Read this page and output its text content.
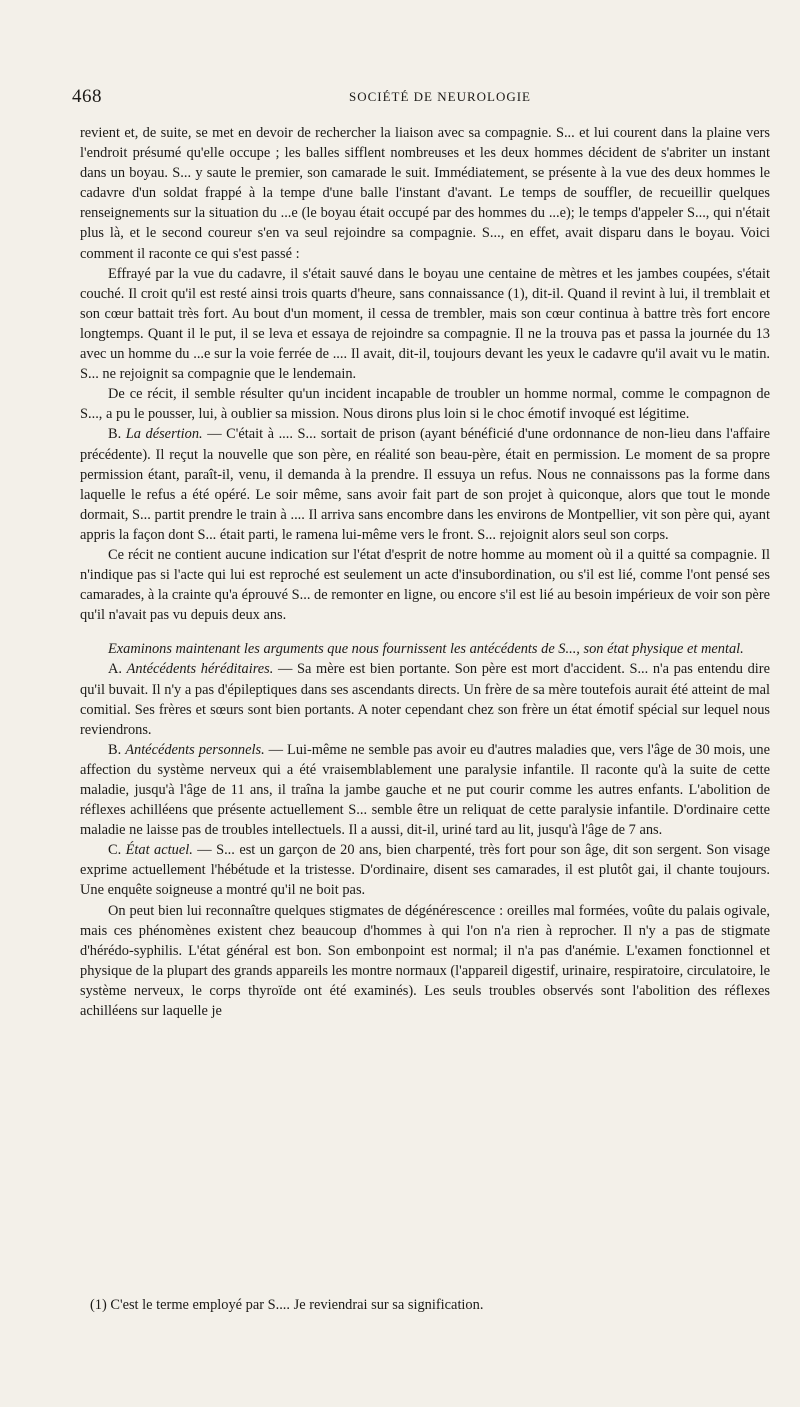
468	SOCIÉTÉ DE NEUROLOGIE

revient et, de suite, se met en devoir de rechercher la liaison avec sa compagnie. S... et lui courent dans la plaine vers l'endroit présumé qu'elle occupe ; les balles sifflent nombreuses et les deux hommes décident de s'abriter un instant dans un boyau. S... y saute le premier, son camarade le suit. Immédiatement, se présente à la vue des deux hommes le cadavre d'un soldat frappé à la tempe d'une balle l'instant d'avant. Le temps de souffler, de recueillir quelques renseignements sur la situation du ...e (le boyau était occupé par des hommes du ...e); le temps d'appeler S..., qui n'était plus là, et le second coureur s'en va seul rejoindre sa compagnie. S..., en effet, avait disparu dans le boyau. Voici comment il raconte ce qui s'est passé :

Effrayé par la vue du cadavre, il s'était sauvé dans le boyau une centaine de mètres et les jambes coupées, s'était couché. Il croit qu'il est resté ainsi trois quarts d'heure, sans connaissance (1), dit-il. Quand il revint à lui, il tremblait et son cœur battait très fort. Au bout d'un moment, il cessa de trembler, mais son cœur continua à battre très fort encore longtemps. Quant il le put, il se leva et essaya de rejoindre sa compagnie. Il ne la trouva pas et passa la journée du 13 avec un homme du ...e sur la voie ferrée de .... Il avait, dit-il, toujours devant les yeux le cadavre qu'il avait vu le matin. S... ne rejoignit sa compagnie que le lendemain.

De ce récit, il semble résulter qu'un incident incapable de troubler un homme normal, comme le compagnon de S..., a pu le pousser, lui, à oublier sa mission. Nous dirons plus loin si le choc émotif invoqué est légitime.

B. La désertion. — C'était à .... S... sortait de prison (ayant bénéficié d'une ordonnance de non-lieu dans l'affaire précédente). Il reçut la nouvelle que son père, en réalité son beau-père, était en permission. Le moment de sa propre permission étant, paraît-il, venu, il demanda à la prendre. Il essuya un refus. Nous ne connaissons pas la forme dans laquelle le refus a été opéré. Le soir même, sans avoir fait part de son projet à quiconque, alors que tout le monde dormait, S... partit prendre le train à .... Il arriva sans encombre dans les environs de Montpellier, vit son père qui, ayant appris la façon dont S... était parti, le ramena lui-même vers le front. S... rejoignit alors seul son corps.

Ce récit ne contient aucune indication sur l'état d'esprit de notre homme au moment où il a quitté sa compagnie. Il n'indique pas si l'acte qui lui est reproché est seulement un acte d'insubordination, ou s'il est lié, comme l'ont pensé ses camarades, à la crainte qu'a éprouvé S... de remonter en ligne, ou encore s'il est lié au besoin impérieux de voir son père qu'il n'avait pas vu depuis deux ans.

Examinons maintenant les arguments que nous fournissent les antécédents de S..., son état physique et mental.

A. Antécédents héréditaires. — Sa mère est bien portante. Son père est mort d'accident. S... n'a pas entendu dire qu'il buvait. Il n'y a pas d'épileptiques dans ses ascendants directs. Un frère de sa mère toutefois aurait été atteint de mal comitial. Ses frères et sœurs sont bien portants. A noter cependant chez son frère un état émotif spécial sur lequel nous reviendrons.

B. Antécédents personnels. — Lui-même ne semble pas avoir eu d'autres maladies que, vers l'âge de 30 mois, une affection du système nerveux qui a été vraisemblablement une paralysie infantile. Il raconte qu'à la suite de cette maladie, jusqu'à l'âge de 11 ans, il traîna la jambe gauche et ne put courir comme les autres enfants. L'abolition de réflexes achilléens que présente actuellement S... semble être un reliquat de cette paralysie infantile. D'ordinaire cette maladie ne laisse pas de troubles intellectuels. Il a aussi, dit-il, uriné tard au lit, jusqu'à l'âge de 7 ans.

C. État actuel. — S... est un garçon de 20 ans, bien charpenté, très fort pour son âge, dit son sergent. Son visage exprime actuellement l'hébétude et la tristesse. D'ordinaire, disent ses camarades, il est plutôt gai, il chante toujours. Une enquête soigneuse a montré qu'il ne boit pas.

On peut bien lui reconnaître quelques stigmates de dégénérescence : oreilles mal formées, voûte du palais ogivale, mais ces phénomènes existent chez beaucoup d'hommes à qui l'on n'a rien à reprocher. Il n'y a pas de stigmate d'hérédo-syphilis. L'état général est bon. Son embonpoint est normal; il n'a pas d'anémie. L'examen fonctionnel et physique de la plupart des grands appareils les montre normaux (l'appareil digestif, urinaire, respiratoire, circulatoire, le système nerveux, le corps thyroïde ont été examinés). Les seuls troubles observés sont l'abolition des réflexes achilléens sur laquelle je

(1) C'est le terme employé par S.... Je reviendrai sur sa signification.
